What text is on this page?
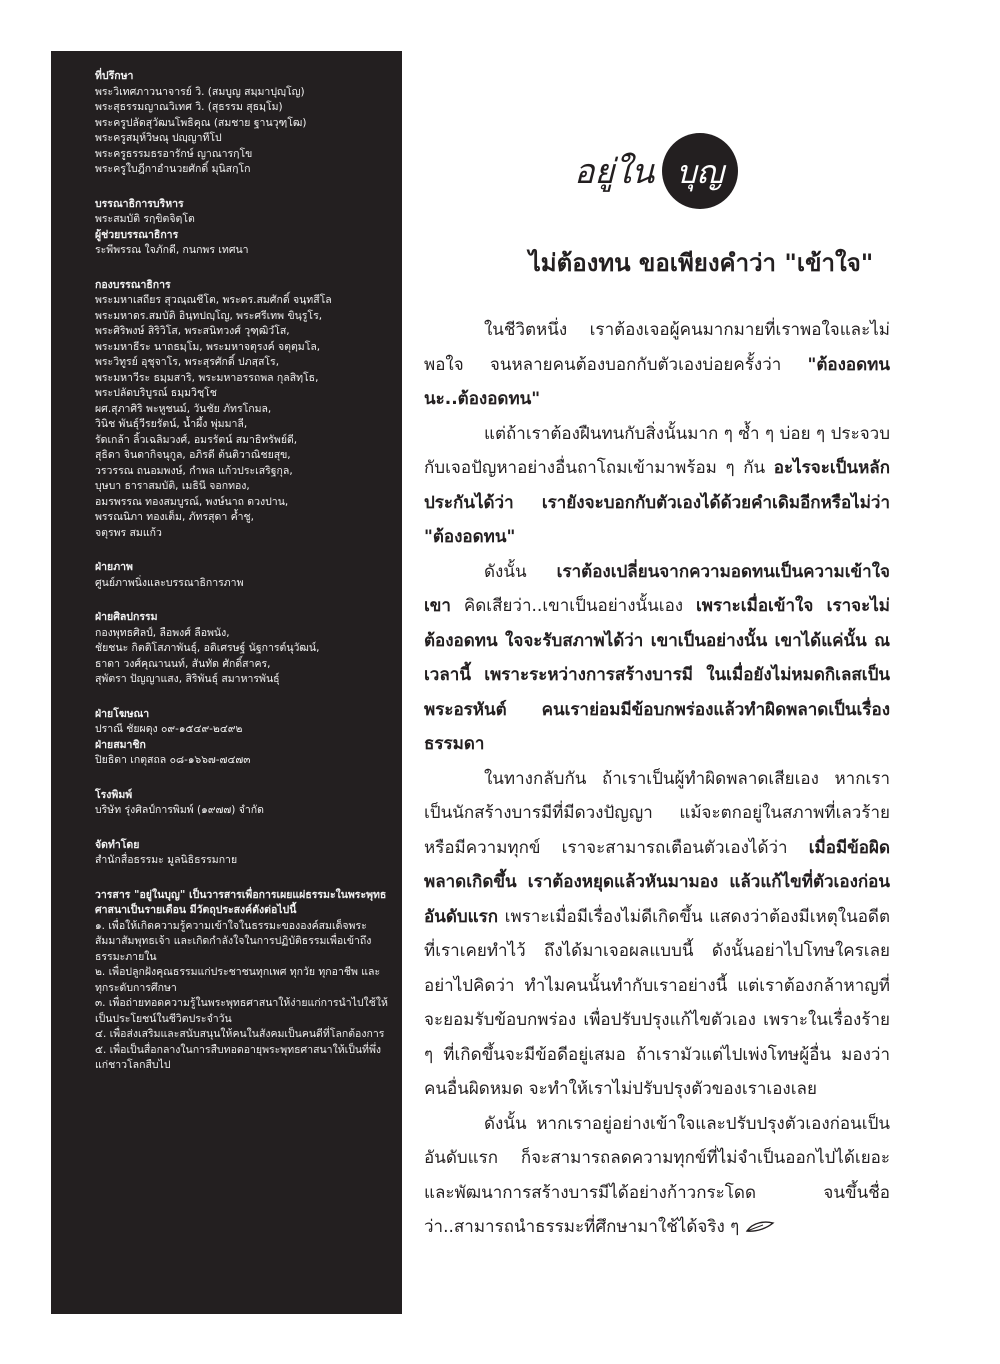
ที่ปรึกษา
พระวิเทศภาวนาจารย์ วิ. (สมบูญ สมฺมาปุญฺโญ)
พระสุธรรมญาณวิเทศ วิ. (สุธรรม สุธมฺโม)
พระครูปลัดสุวัฒนโพธิคุณ (สมชาย ฐานวุฑฺโฒ)
พระครูสมุห์วิษณุ ปญฺญาทีโป
พระครูธรรมธรอารักษ์ ญาณารกฺโข
พระครูใบฎีกาอำนวยศักดิ์ มุนิสกฺโก
บรรณาธิการบริหาร
พระสมบัติ รกฺขิตจิตฺโต
ผู้ช่วยบรรณาธิการ
ระพีพรรณ ใจภักดี, กนกพร เทศนา
กองบรรณาธิการ
พระมหาเสถียร สุวณฺณชีโต, พระดร.สมศักดิ์ จนฺทสีโล
พระมหาดร.สมบัติ อินฺทปญฺโญ, พระศรีเทพ ขินฺรูโร,
พระศิริพงษ์ สิริวิโส, พระสนิทวงศ์ วุฑฺฒิวํโส,
พระมหาธีระ นาถธมฺโม, พระมหาจตุรงค์ จตุตฺมโล,
พระวิทูรย์ อุชุจาโร, พระสุรศักดิ์ ปภสฺสโร,
พระมหาวีระ ธมฺมสาริ, พระมหาอรรถพล กุลสิทฺโธ,
พระปลัดบริบูรณ์ ธมฺมวิชฺโช
ผศ.สุภาศิริ พะหูชนม์, วันชัย ภัทรโกมล,
วินิช พันธุ์วีรยรัตน์, น้ำผึ้ง พุ่มมาลี,
รัดเกล้า ลิ้วเฉลิมวงศ์, อมรรัตน์ สมาธิทรัพย์ดี,
สุธิดา จินดากิจนุกูล, อภิรดี ต้นติวาณิชยสุข,
วรวรรณ ถนอมพงษ์, กำพล แก้วประเสริฐกุล,
บุษบา ธาราสมบัติ, เมธินี จอกทอง,
อมรพรรณ ทองสมบูรณ์, พงษ์นาถ ดวงปาน,
พรรณนิภา ทองเต็ม, ภัทรสุดา ค้ำชู,
จตุรพร สมแก้ว
ฝ่ายภาพ
ศูนย์ภาพนิ่งและบรรณาธิการภาพ
ฝ่ายศิลปกรรม
กองพุทธศิลป์, ลือพงศ์ ลือพนัง,
ชัยชนะ กิตติโสภาพันธุ์, อติเศรษฐ์ นัฐการต์นุวัฒน์,
ธาดา วงศ์คุณานนท์, สันทัด ศักดิ์สาคร,
สุพัตรา ปัญญาแสง, สิริพันธุ์ สมาหารพันธุ์
ฝ่ายโฆษณา
ปราณี ชัยผดุง ๐๙-๑๕๔๙-๒๔๙๒
ฝ่ายสมาชิก
ปิยธิดา เกตุสถล ๐๘-๑๖๖๗-๗๔๗๓
โรงพิมพ์
บริษัท รุ่งศิลป์การพิมพ์ (๑๙๗๗) จำกัด
จัดทำโดย
สำนักสื่อธรรมะ มูลนิธิธรรมกาย
วารสาร "อยู่ในบุญ" เป็นวารสารเพื่อการเผยแผ่ธรรมะในพระพุทธศาสนาเป็นรายเดือน มีวัตถุประสงค์ดังต่อไปนี้
๑. เพื่อให้เกิดความรู้ความเข้าใจในธรรมะขององค์สมเด็จพระสัมมาสัมพุทธเจ้า และเกิดกำลังใจในการปฏิบัติธรรมเพื่อเข้าถึงธรรมะภายใน
๒. เพื่อปลูกฝังคุณธรรมแก่ประชาชนทุกเพศ ทุกวัย ทุกอาชีพ และทุกระดับการศึกษา
๓. เพื่อถ่ายทอดความรู้ในพระพุทธศาสนาให้ง่ายแก่การนำไปใช้ให้เป็นประโยชน์ในชีวิตประจำวัน
๔. เพื่อส่งเสริมและสนับสนุนให้คนในสังคมเป็นคนดีที่โลกต้องการ
๕. เพื่อเป็นสื่อกลางในการสืบทอดอายุพระพุทธศาสนาให้เป็นที่พึ่งแก่ชาวโลกสืบไป
อยู่ใน บุญ
ไม่ต้องทน ขอเพียงคำว่า "เข้าใจ"

ในชีวิตหนึ่ง เราต้องเจอผู้คนมากมายที่เราพอใจและไม่พอใจ จนหลายคนต้องบอกกับตัวเองบ่อยครั้งว่า "ต้องอดทนนะ..ต้องอดทน"

แต่ถ้าเราต้องฝืนทนกับสิ่งนั้นมาก ๆ ซ้ำ ๆ บ่อย ๆ ประจวบกับเจอปัญหาอย่างอื่นถาโถมเข้ามาพร้อม ๆ กัน อะไรจะเป็นหลักประกันได้ว่า เรายังจะบอกกับตัวเองได้ด้วยคำเดิมอีกหรือไม่ว่า "ต้องอดทน"

ดังนั้น เราต้องเปลี่ยนจากความอดทนเป็นความเข้าใจเขา คิดเสียว่า..เขาเป็นอย่างนั้นเอง เพราะเมื่อเข้าใจ เราจะไม่ต้องอดทน ใจจะรับสภาพได้ว่า เขาเป็นอย่างนั้น เขาได้แค่นั้น ณ เวลานี้ เพราะระหว่างการสร้างบารมี ในเมื่อยังไม่หมดกิเลสเป็นพระอรหันต์ คนเราย่อมมีข้อบกพร่องแล้วทำผิดพลาดเป็นเรื่องธรรมดา

ในทางกลับกัน ถ้าเราเป็นผู้ทำผิดพลาดเสียเอง หากเราเป็นนักสร้างบารมีที่มีดวงปัญญา แม้จะตกอยู่ในสภาพที่เลวร้ายหรือมีความทุกข์ เราจะสามารถเตือนตัวเองได้ว่า เมื่อมีข้อผิดพลาดเกิดขึ้น เราต้องหยุดแล้วหันมามอง แล้วแก้ไขที่ตัวเองก่อนอันดับแรก เพราะเมื่อมีเรื่องไม่ดีเกิดขึ้น แสดงว่าต้องมีเหตุในอดีตที่เราเคยทำไว้ ถึงได้มาเจอผลแบบนี้ ดังนั้นอย่าไปโทษใครเลย อย่าไปคิดว่า ทำไมคนนั้นทำกับเราอย่างนี้ แต่เราต้องกล้าหาญที่จะยอมรับข้อบกพร่อง เพื่อปรับปรุงแก้ไขตัวเอง เพราะในเรื่องร้าย ๆ ที่เกิดขึ้นจะมีข้อดีอยู่เสมอ ถ้าเรามัวแต่ไปเพ่งโทษผู้อื่น มองว่าคนอื่นผิดหมด จะทำให้เราไม่ปรับปรุงตัวของเราเองเลย

ดังนั้น หากเราอยู่อย่างเข้าใจและปรับปรุงตัวเองก่อนเป็นอันดับแรก ก็จะสามารถลดความทุกข์ที่ไม่จำเป็นออกไปได้เยอะ และพัฒนาการสร้างบารมีได้อย่างก้าวกระโดด จนขึ้นชื่อว่า..สามารถนำธรรมะที่ศึกษามาใช้ได้จริง ๆ
